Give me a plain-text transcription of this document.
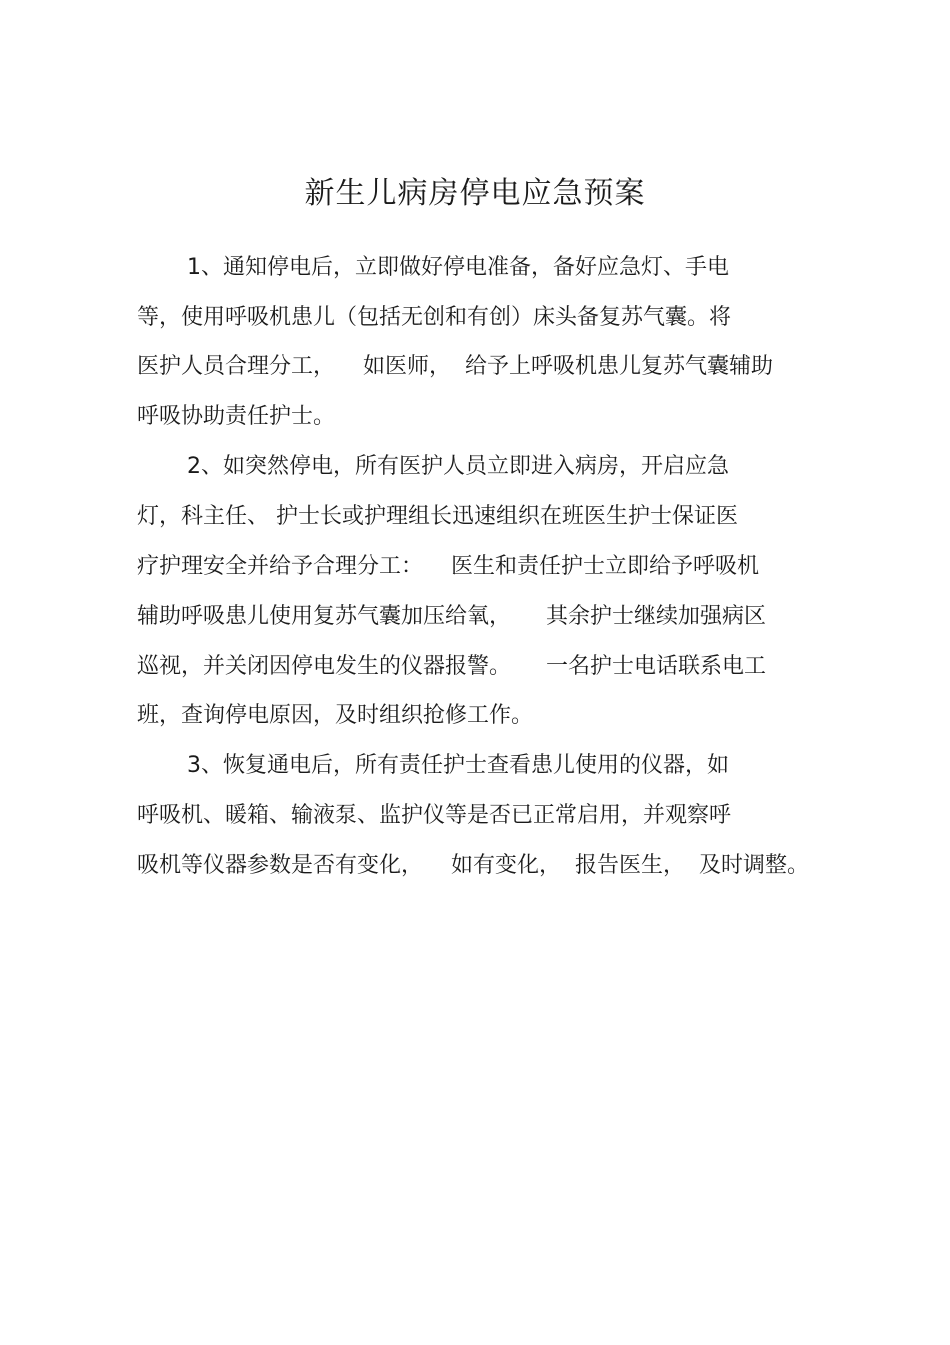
新生儿病房停电应急预案
1、通知停电后，立即做好停电准备，备好应急灯、手电
等，使用呼吸机患儿（包括无创和有创）床头备复苏气囊。将
医护人员合理分工，    如医师，  给予上呼吸机患儿复苏气囊辅助
呼吸协助责任护士。
2、如突然停电，所有医护人员立即进入病房，开启应急
灯，科主任、 护士长或护理组长迅速组织在班医生护士保证医
疗护理安全并给予合理分工：    医生和责任护士立即给予呼吸机
辅助呼吸患儿使用复苏气囊加压给氧，     其余护士继续加强病区
巡视，并关闭因停电发生的仪器报警。     一名护士电话联系电工
班，查询停电原因，及时组织抢修工作。
3、恢复通电后，所有责任护士查看患儿使用的仪器，如
呼吸机、暖箱、输液泵、监护仪等是否已正常启用，并观察呼
吸机等仪器参数是否有变化，    如有变化，  报告医生，  及时调整。
